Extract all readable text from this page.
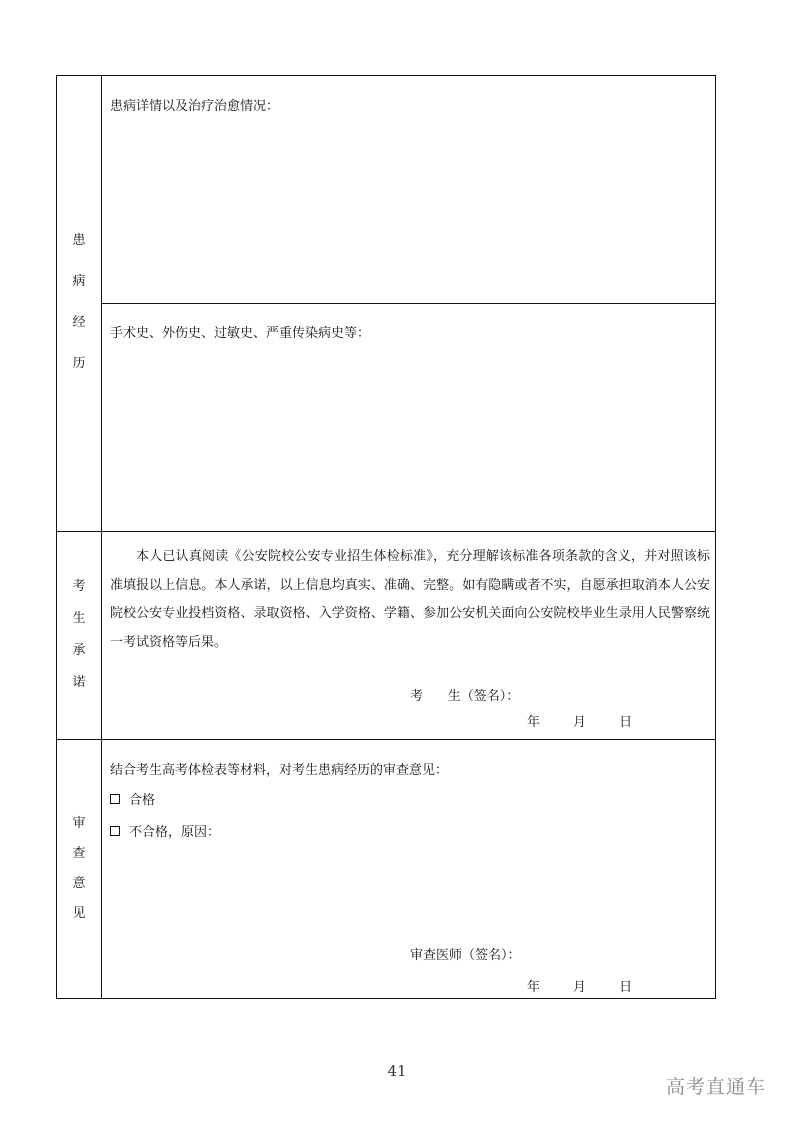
患
病
经
历
患病详情以及治疗治愈情况：
手术史、外伤史、过敏史、严重传染病史等：
考
生
承
诺
本人已认真阅读《公安院校公安专业招生体检标准》，充分理解该标准各项条款的含义，并对照该标准填报以上信息。本人承诺，以上信息均真实、准确、完整。如有隐瞒或者不实，自愿承担取消本人公安院校公安专业投档资格、录取资格、入学资格、学籍、参加公安机关面向公安院校毕业生录用人民警察统一考试资格等后果。
考      生（签名）：
年        月        日
审
查
意
见
结合考生高考体检表等材料，对考生患病经历的审查意见：
合格
不合格，原因：
审查医师（签名）：
年        月        日
41
高考直通车
